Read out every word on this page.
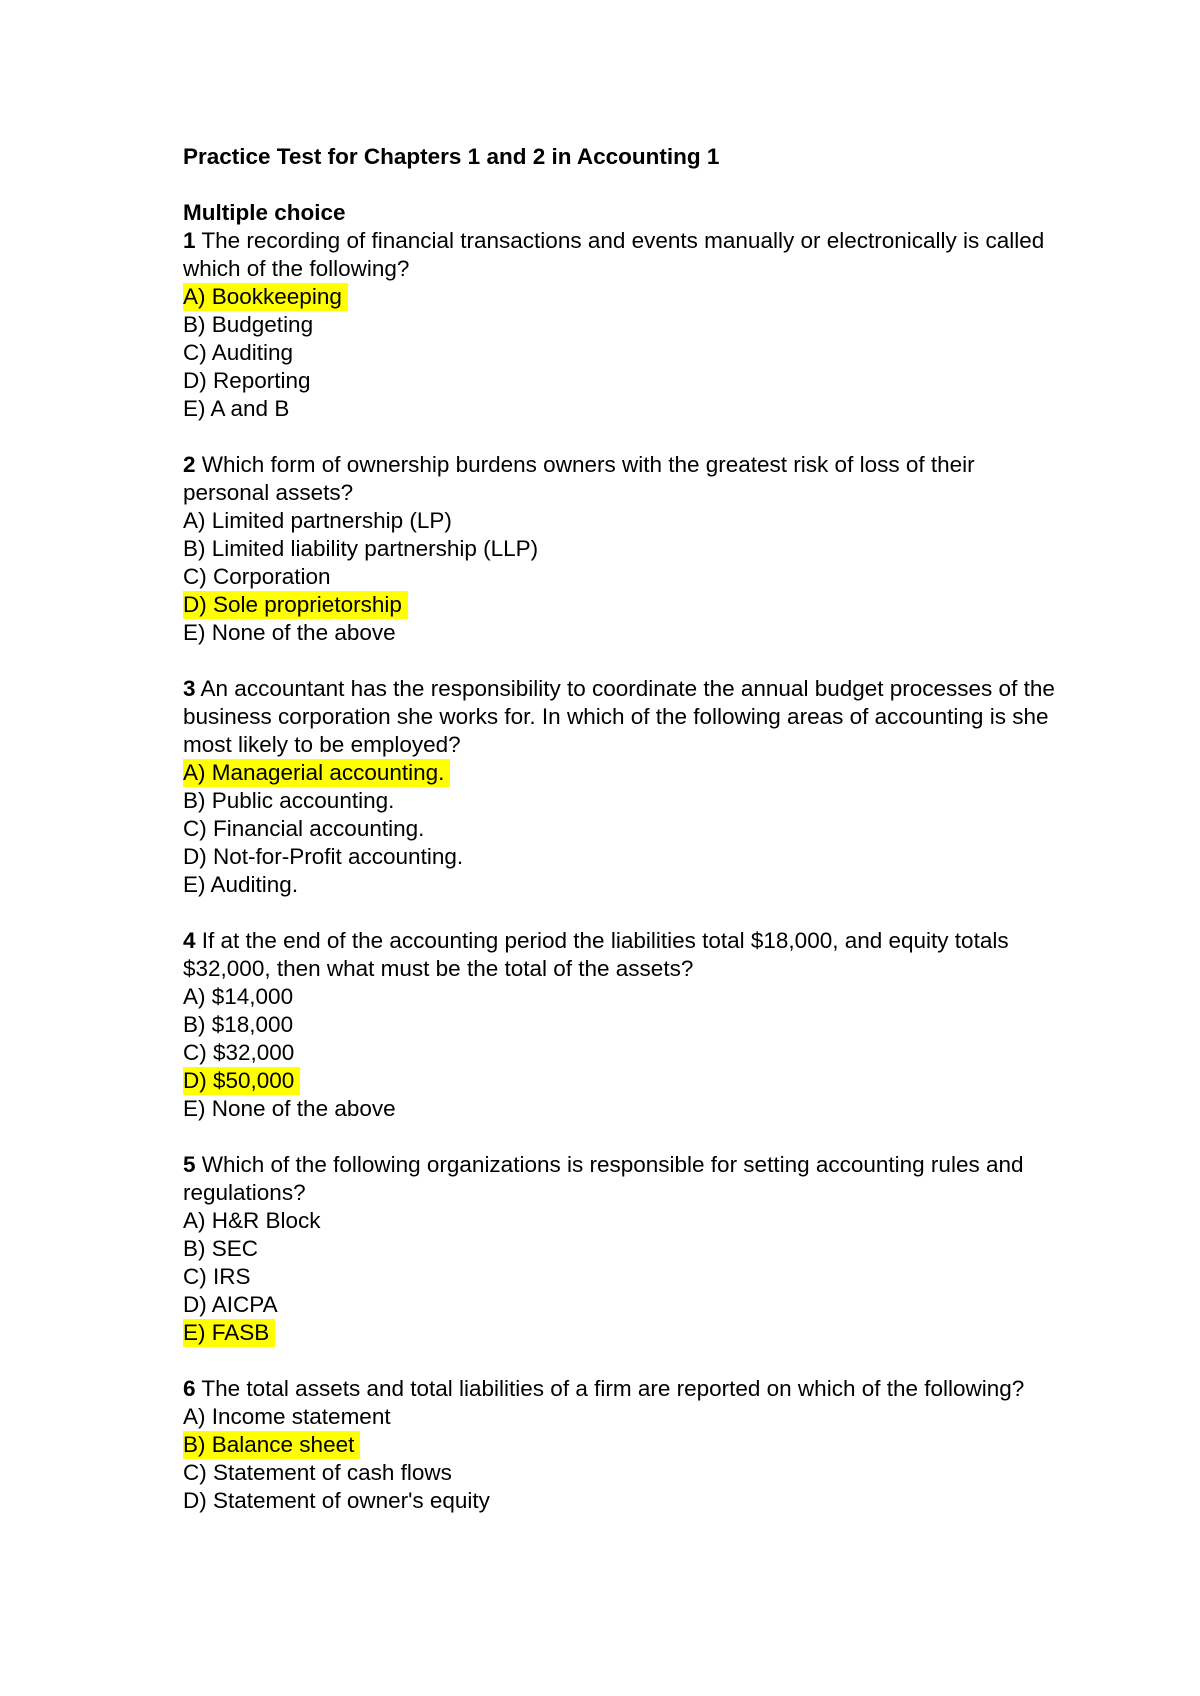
Practice Test for Chapters 1 and 2 in Accounting 1
Multiple choice
1 The recording of financial transactions and events manually or electronically is called which of the following?
A) Bookkeeping
B) Budgeting
C) Auditing
D) Reporting
E) A and B
2 Which form of ownership burdens owners with the greatest risk of loss of their personal assets?
A) Limited partnership (LP)
B) Limited liability partnership (LLP)
C) Corporation
D) Sole proprietorship
E) None of the above
3 An accountant has the responsibility to coordinate the annual budget processes of the business corporation she works for. In which of the following areas of accounting is she most likely to be employed?
A) Managerial accounting.
B) Public accounting.
C) Financial accounting.
D) Not-for-Profit accounting.
E) Auditing.
4 If at the end of the accounting period the liabilities total $18,000, and equity totals $32,000, then what must be the total of the assets?
A) $14,000
B) $18,000
C) $32,000
D) $50,000
E) None of the above
5 Which of the following organizations is responsible for setting accounting rules and regulations?
A) H&R Block
B) SEC
C) IRS
D) AICPA
E) FASB
6 The total assets and total liabilities of a firm are reported on which of the following?
A) Income statement
B) Balance sheet
C) Statement of cash flows
D) Statement of owner's equity
